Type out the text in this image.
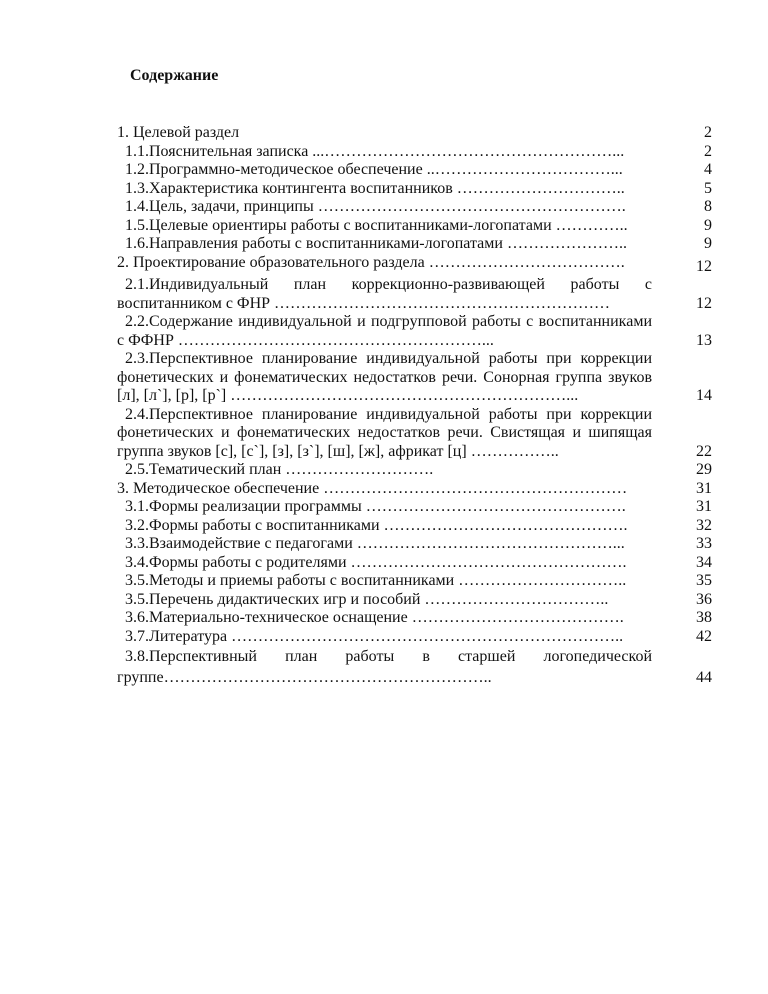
Содержание
1. Целевой раздел	2
1.1.Пояснительная записка ...………………………………………………...	2
1.2.Программно-методическое обеспечение ..……………………………...	4
1.3.Характеристика контингента воспитанников …………………………..	5
1.4.Цель, задачи, принципы ………………………………………………….	8
1.5.Целевые ориентиры работы с воспитанниками-логопатами …………..	9
1.6.Направления работы с воспитанниками-логопатами …………………..	9
2. Проектирование образовательного раздела ……………………………….	12
2.1.Индивидуальный план коррекционно-развивающей работы с воспитанником с ФНР ………………………………………………………	12
2.2.Содержание индивидуальной и подгрупповой работы с воспитанниками с ФФНР …………………………………………………...	13
2.3.Перспективное планирование индивидуальной работы при коррекции фонетических и фонематических недостатков речи. Сонорная группа звуков [л], [л`], [р], [р`] ………………………………………………………...	14
2.4.Перспективное планирование индивидуальной работы при коррекции фонетических и фонематических недостатков речи. Свистящая и шипящая группа звуков [с], [с`], [з], [з`], [ш], [ж], африкат [ц] ……………..	22
2.5.Тематический план ……………………….	29
3. Методическое обеспечение …………………………………………………	31
3.1.Формы реализации программы ………………………………………….	31
3.2.Формы работы с воспитанниками ……………………………………….	32
3.3.Взаимодействие с педагогами …………………………………………...	33
3.4.Формы работы с родителями …………………………………………….	34
3.5.Методы и приемы работы с воспитанниками …………………………..	35
3.5.Перечень дидактических игр и пособий ……………………………..	36
3.6.Материально-техническое оснащение ………………………………….	38
3.7.Литература ………………………………………………………………..	42
3.8.Перспективный план работы в старшей логопедической группе……………………………………………………..	44
